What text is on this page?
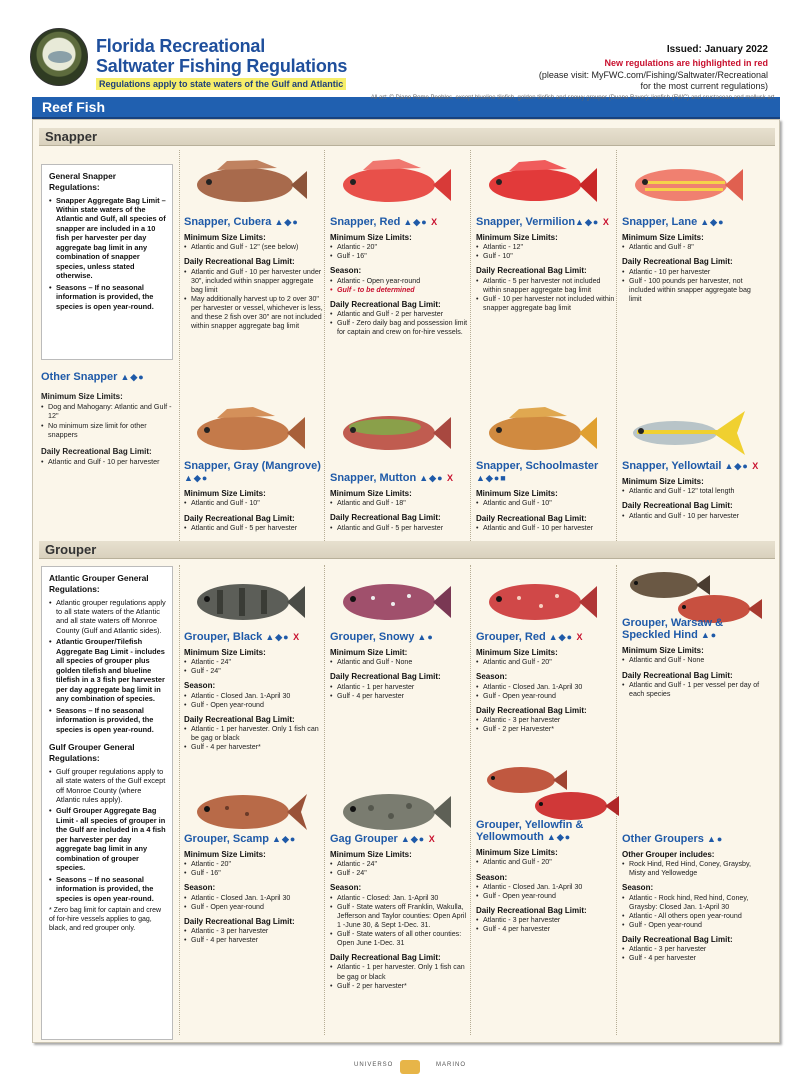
Florida Recreational
Saltwater Fishing Regulations
Regulations apply to state waters of the Gulf and Atlantic
Issued: January 2022
New regulations are highlighted in red
(please visit: MyFWC.com/Fishing/Saltwater/Recreational
for the most current regulations)
Reef Fish
All art: © Diane Rome Peebles, except blueline tilefish, golden tilefish and snowy grouper (Duane Raver); lionfish (FWC) and crustacean and mollusk art.
Snapper
General Snapper Regulations:
• Snapper Aggregate Bag Limit – Within state waters of the Atlantic and Gulf, all species of snapper are included in a 10 fish per harvester per day aggregate bag limit in any combination of snapper species, unless stated otherwise.
• Seasons – If no seasonal information is provided, the species is open year-round.
Other Snapper ▲◆●
Minimum Size Limits:
• Dog and Mahogany: Atlantic and Gulf - 12"
• No minimum size limit for other snappers
Daily Recreational Bag Limit:
• Atlantic and Gulf - 10 per harvester
Snapper, Cubera ▲◆●
Minimum Size Limits:
• Atlantic and Gulf - 12" (see below)
Daily Recreational Bag Limit:
• Atlantic and Gulf - 10 per harvester under 30", included within snapper aggregate bag limit
• May additionally harvest up to 2 over 30" per harvester or vessel, whichever is less, and these 2 fish over 30" are not included within snapper aggregate bag limit
Snapper, Red ▲◆● X
Minimum Size Limits:
• Atlantic - 20"
• Gulf - 16"
Season:
• Atlantic - Open year-round
• Gulf - to be determined
Daily Recreational Bag Limit:
• Atlantic and Gulf - 2 per harvester
• Gulf - Zero daily bag and possession limit for captain and crew on for-hire vessels.
Snapper, Vermilion▲◆● X
Minimum Size Limits:
• Atlantic - 12"
• Gulf - 10"
Daily Recreational Bag Limit:
• Atlantic - 5 per harvester not included within snapper aggregate bag limit
• Gulf - 10 per harvester not included within snapper aggregate bag limit
Snapper, Lane ▲◆●
Minimum Size Limits:
• Atlantic and Gulf - 8"
Daily Recreational Bag Limit:
• Atlantic - 10 per harvester
• Gulf - 100 pounds per harvester, not included within snapper aggregate bag limit
Snapper, Gray (Mangrove) ▲◆●
Minimum Size Limits:
• Atlantic and Gulf - 10"
Daily Recreational Bag Limit:
• Atlantic and Gulf - 5 per harvester
Snapper, Mutton ▲◆● X
Minimum Size Limits:
• Atlantic and Gulf - 18"
Daily Recreational Bag Limit:
• Atlantic and Gulf - 5 per harvester
Snapper, Schoolmaster ▲◆●■
Minimum Size Limits:
• Atlantic and Gulf - 10"
Daily Recreational Bag Limit:
• Atlantic and Gulf - 10 per harvester
Snapper, Yellowtail ▲◆● X
Minimum Size Limits:
• Atlantic and Gulf - 12" total length
Daily Recreational Bag Limit:
• Atlantic and Gulf - 10 per harvester
Grouper
Atlantic Grouper General Regulations:
• Atlantic grouper regulations apply to all state waters of the Atlantic and all state waters off Monroe County (Gulf and Atlantic sides).
• Atlantic Grouper/Tilefish Aggregate Bag Limit - includes all species of grouper plus golden tilefish and blueline tilefish in a 3 fish per harvester per day aggregate bag limit in any combination of species.
• Seasons – If no seasonal information is provided, the species is open year-round.
Gulf Grouper General Regulations:
• Gulf grouper regulations apply to all state waters of the Gulf except off Monroe County (where Atlantic rules apply).
• Gulf Grouper Aggregate Bag Limit - all species of grouper in the Gulf are included in a 4 fish per harvester per day aggregate bag limit in any combination of grouper species.
• Seasons – If no seasonal information is provided, the species is open year-round.
* Zero bag limit for captain and crew of for-hire vessels applies to gag, black, and red grouper only.
Grouper, Black ▲◆● X
Minimum Size Limits:
• Atlantic - 24"
• Gulf - 24"
Season:
• Atlantic - Closed Jan. 1-April 30
• Gulf - Open year-round
Daily Recreational Bag Limit:
• Atlantic - 1 per harvester. Only 1 fish can be gag or black
• Gulf - 4 per harvester*
Grouper, Snowy ▲●
Minimum Size Limit:
• Atlantic and Gulf - None
Daily Recreational Bag Limit:
• Atlantic - 1 per harvester
• Gulf - 4 per harvester
Grouper, Red ▲◆● X
Minimum Size Limits:
• Atlantic and Gulf - 20"
Season:
• Atlantic - Closed Jan. 1-April 30
• Gulf - Open year-round
Daily Recreational Bag Limit:
• Atlantic - 3 per harvester
• Gulf - 2 per Harvester*
Grouper, Warsaw & Speckled Hind ▲●
Minimum Size Limits:
• Atlantic and Gulf - None
Daily Recreational Bag Limit:
• Atlantic and Gulf - 1 per vessel per day of each species
Grouper, Scamp ▲◆●
Minimum Size Limits:
• Atlantic - 20"
• Gulf - 16"
Season:
• Atlantic - Closed Jan. 1-April 30
• Gulf - Open year-round
Daily Recreational Bag Limit:
• Atlantic - 3 per harvester
• Gulf - 4 per harvester
Gag Grouper ▲◆● X
Minimum Size Limits:
• Atlantic - 24"
• Gulf - 24"
Season:
• Atlantic - Closed: Jan. 1-April 30
• Gulf - State waters off Franklin, Wakulla, Jefferson and Taylor counties: Open April 1 -June 30, & Sept 1-Dec. 31.
• Gulf - State waters of all other counties: Open June 1-Dec. 31
Daily Recreational Bag Limit:
• Atlantic - 1 per harvester. Only 1 fish can be gag or black
• Gulf - 2 per harvester*
Grouper, Yellowfin & Yellowmouth ▲◆●
Minimum Size Limits:
• Atlantic and Gulf - 20"
Season:
• Atlantic - Closed Jan. 1-April 30
• Gulf - Open year-round
Daily Recreational Bag Limit:
• Atlantic - 3 per harvester
• Gulf - 4 per harvester
Other Groupers ▲●
Other Grouper includes:
• Rock Hind, Red Hind, Coney, Graysby, Misty and Yellowedge
Season:
• Atlantic - Rock hind, Red hind, Coney, Graysby: Closed Jan. 1-April 30
• Atlantic - All others open year-round
• Gulf - Open year-round
Daily Recreational Bag Limit:
• Atlantic - 3 per harvester
• Gulf - 4 per harvester
UNIVERSO	MARINO
